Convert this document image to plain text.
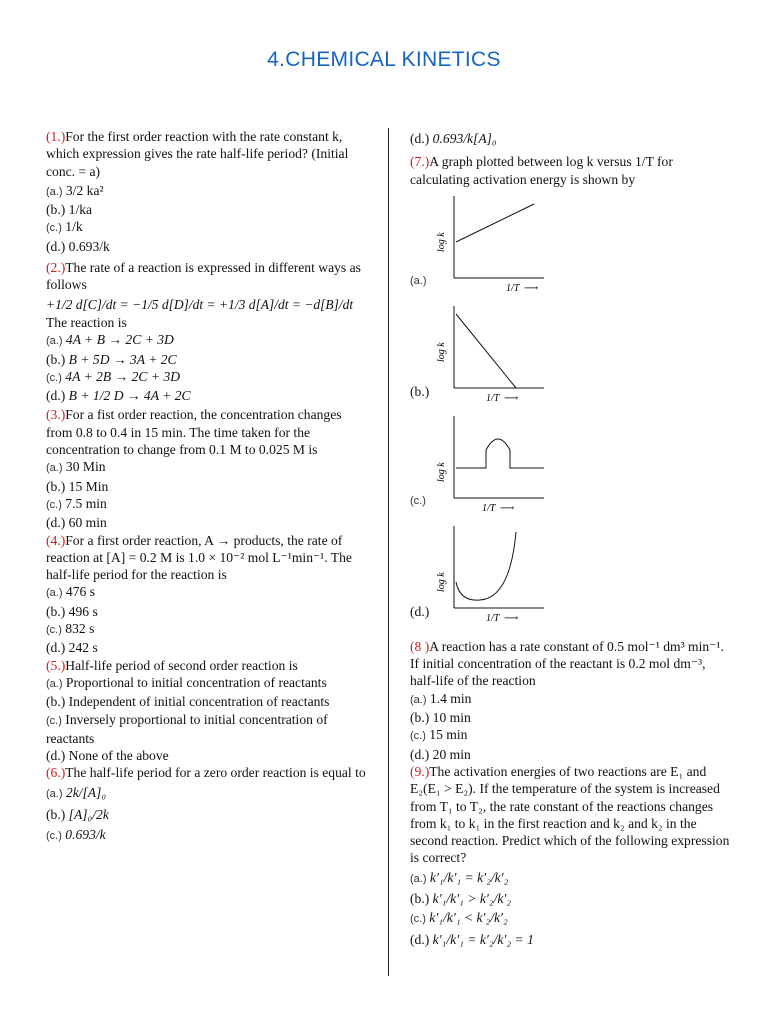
4.CHEMICAL KINETICS

(1.)For the first order reaction with the rate constant k, which expression gives the rate half-life period? (Initial conc. = a)

(a.) 3/2 ka²

(b.) 1/ka

(c.) 1/k

(d.) 0.693/k

(2.)The rate of a reaction is expressed in different ways as follows

+1/2 d[C]/dt = −1/5 d[D]/dt = +1/3 d[A]/dt = −d[B]/dt

The reaction is

(a.) 4A + B → 2C + 3D

(b.) B + 5D → 3A + 2C

(c.) 4A + 2B → 2C + 3D

(d.) B + 1/2 D → 4A + 2C

(3.)For a fist order reaction, the concentration changes from 0.8 to 0.4 in 15 min. The time taken for the concentration to change from 0.1 M to 0.025 M is

(a.) 30 Min

(b.) 15 Min

(c.) 7.5 min

(d.) 60 min

(4.)For a first order reaction, A → products, the rate of reaction at [A] = 0.2 M is 1.0 × 10⁻² mol L⁻¹min⁻¹. The half-life period for the reaction is

(a.) 476 s

(b.) 496 s

(c.) 832 s

(d.) 242 s

(5.)Half-life period of second order reaction is

(a.) Proportional to initial concentration of reactants

(b.) Independent of initial concentration of reactants

(c.) Inversely proportional to initial concentration of reactants

(d.) None of the above

(6.)The half-life period for a zero order reaction is equal to

(a.) 2k/[A]₀

(b.) [A]₀/2k

(c.) 0.693/k

(d.) 0.693/k[A]₀

(7.)A graph plotted between log k versus 1/T for calculating activation energy is shown by

(a.)
log k
1/T ⟶
(b.)
log k
1/T ⟶
(c.)
log k
1/T ⟶
(d.)
log k
1/T ⟶

(8 )A reaction has a rate constant of 0.5 mol⁻¹ dm³ min⁻¹. If initial concentration of the reactant is 0.2 mol dm⁻³, half-life of the reaction

(a.) 1.4 min

(b.) 10 min

(c.) 15 min

(d.) 20 min

(9.)The activation energies of two reactions are E₁ and E₂(E₁ > E₂). If the temperature of the system is increased from T₁ to T₂, the rate constant of the reactions changes from k₁ to k₁ in the first reaction and k₂ and k₂ in the second reaction. Predict which of the following expression is correct?

(a.) k′₁/k′₁ = k′₂/k′₂

(b.) k′₁/k′₁ > k′₂/k′₂

(c.) k′₁/k′₁ < k′₂/k′₂

(d.) k′₁/k′₁ = k′₂/k′₂ = 1
